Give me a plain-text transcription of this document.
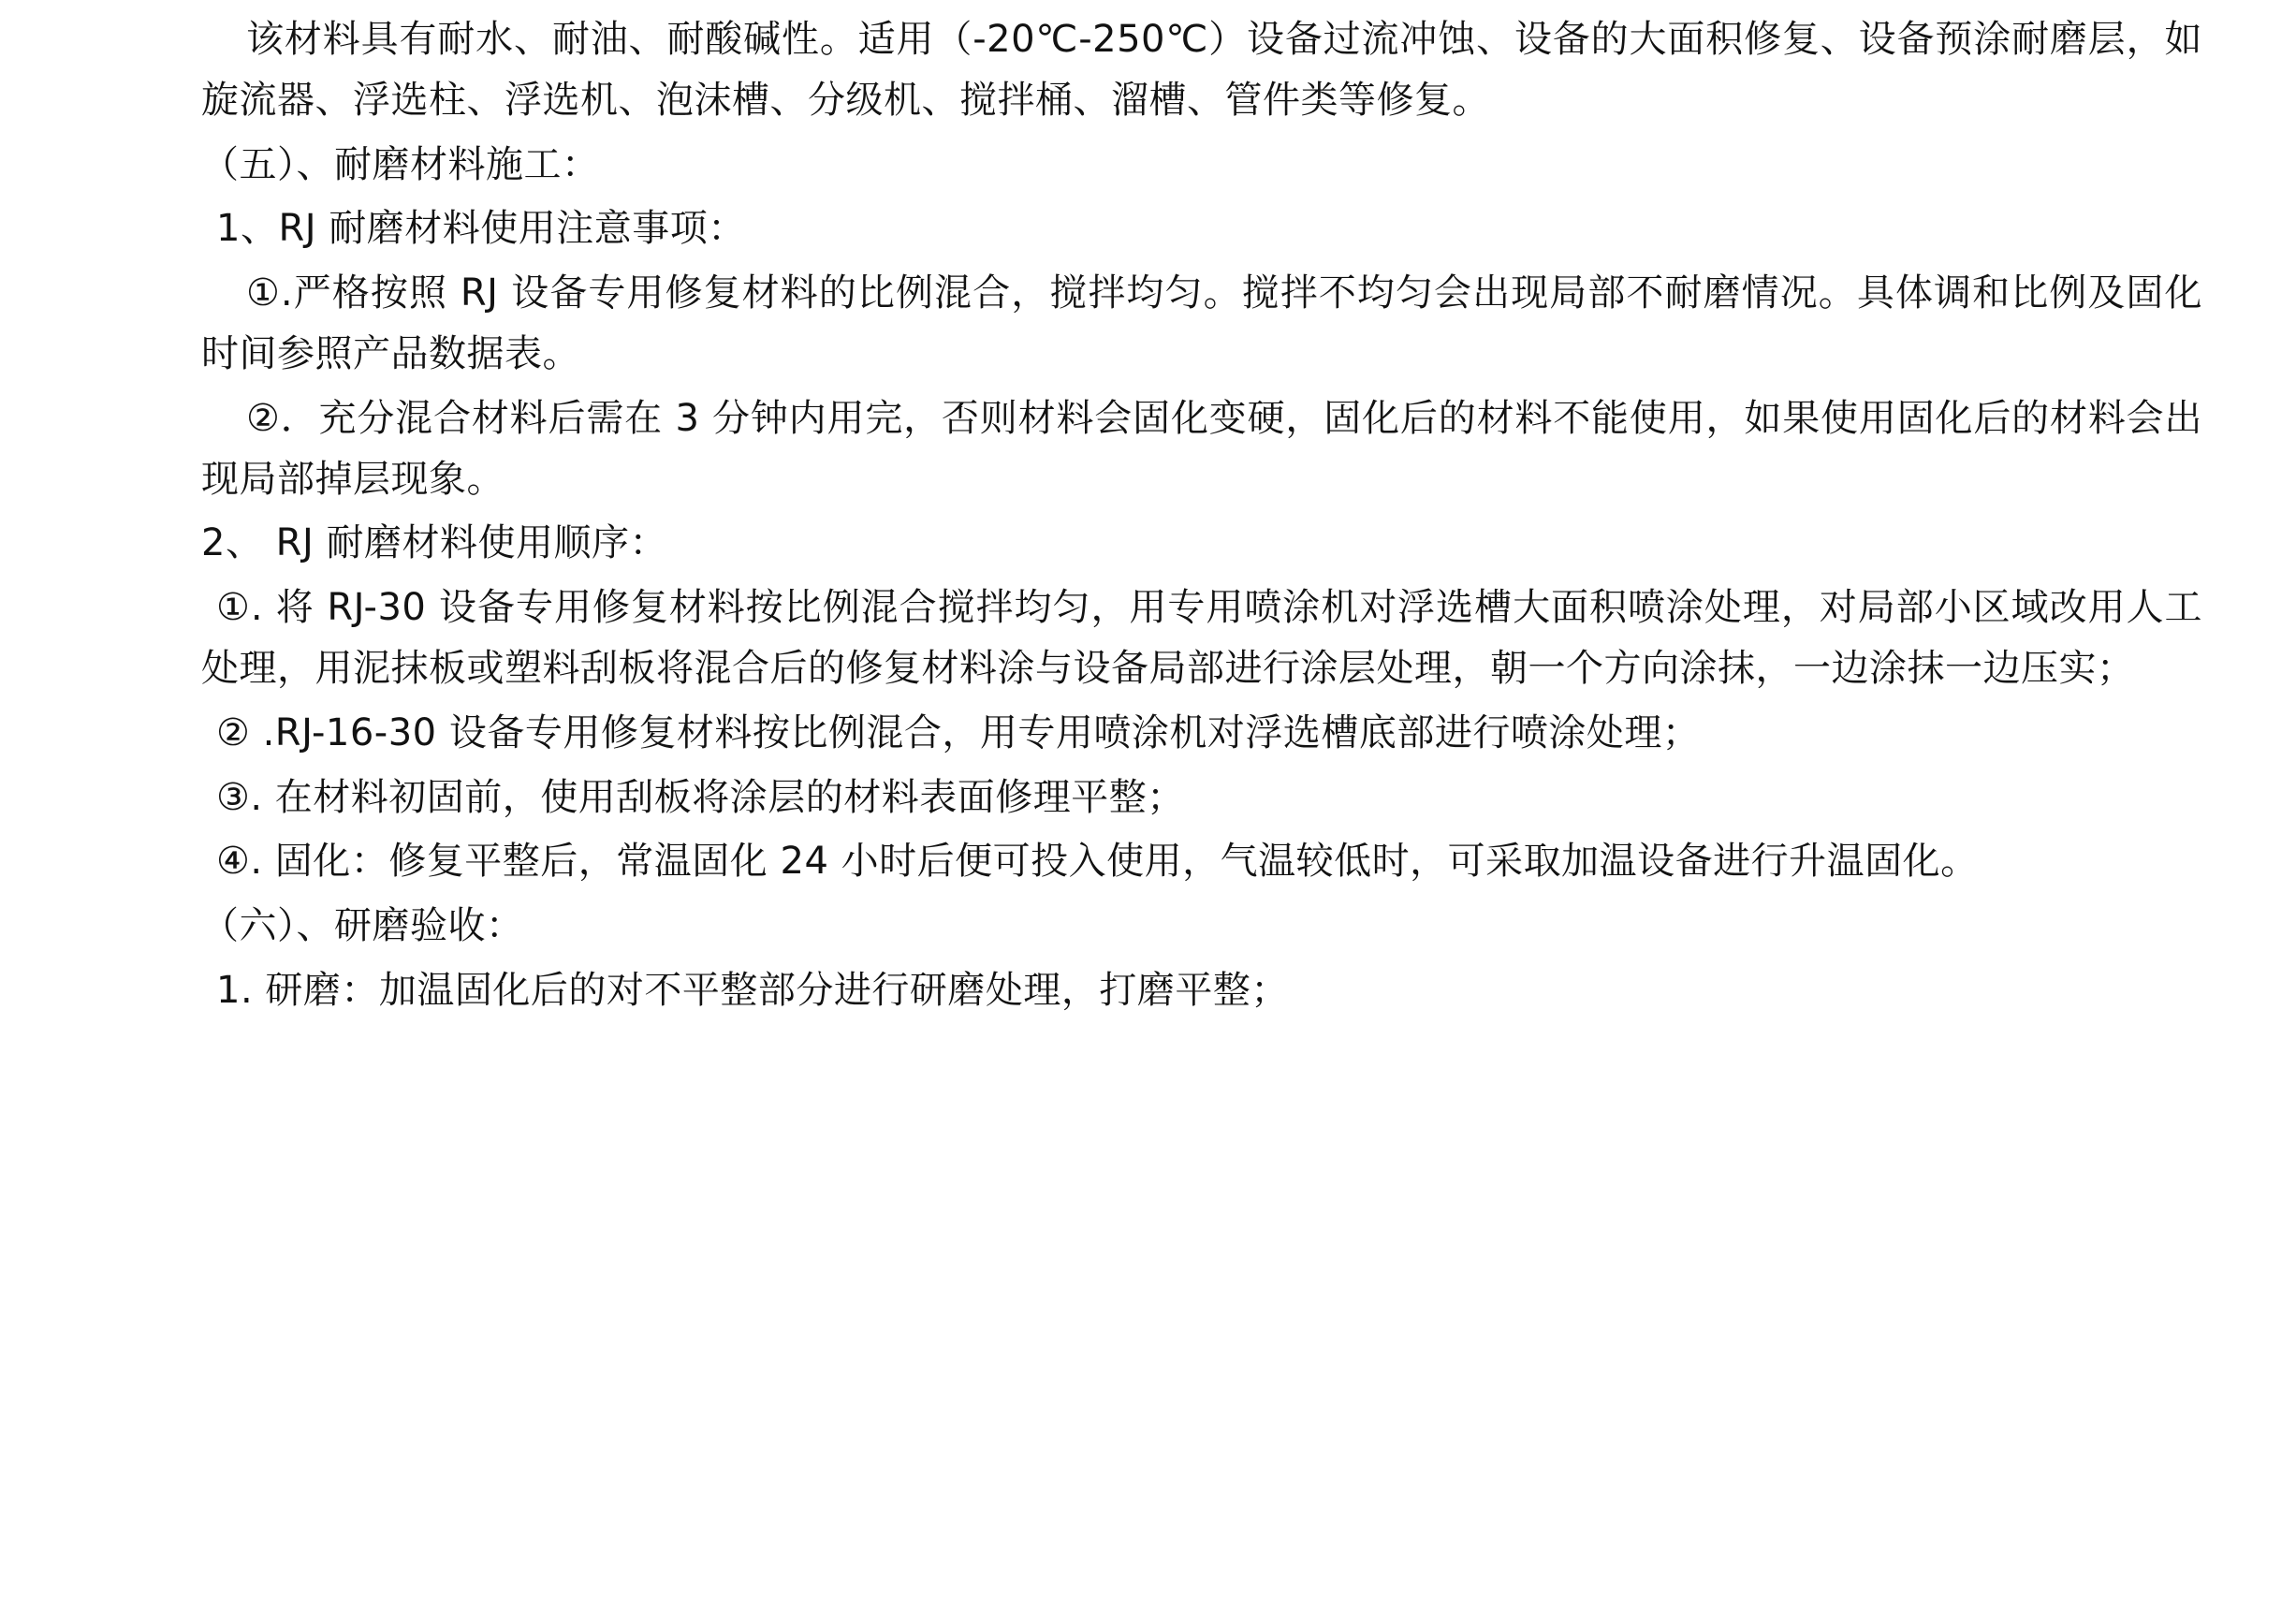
该材料具有耐水、耐油、耐酸碱性。适用（-20℃-250℃）设备过流冲蚀、设备的大面积修复、设备预涂耐磨层，如旋流器、浮选柱、浮选机、泡沫槽、分级机、搅拌桶、溜槽、管件类等修复。

（五）、耐磨材料施工：

1、RJ 耐磨材料使用注意事项：

①.严格按照 RJ 设备专用修复材料的比例混合，搅拌均匀。搅拌不均匀会出现局部不耐磨情况。具体调和比例及固化时间参照产品数据表。

②．充分混合材料后需在 3 分钟内用完，否则材料会固化变硬，固化后的材料不能使用，如果使用固化后的材料会出现局部掉层现象。

2、 RJ 耐磨材料使用顺序：

①. 将 RJ-30 设备专用修复材料按比例混合搅拌均匀，用专用喷涂机对浮选槽大面积喷涂处理，对局部小区域改用人工处理，用泥抹板或塑料刮板将混合后的修复材料涂与设备局部进行涂层处理，朝一个方向涂抹，一边涂抹一边压实；

② .RJ-16-30 设备专用修复材料按比例混合，用专用喷涂机对浮选槽底部进行喷涂处理；

③. 在材料初固前，使用刮板将涂层的材料表面修理平整；

④. 固化：修复平整后，常温固化 24 小时后便可投入使用，气温较低时，可采取加温设备进行升温固化。

（六）、研磨验收：

1. 研磨：加温固化后的对不平整部分进行研磨处理，打磨平整；
